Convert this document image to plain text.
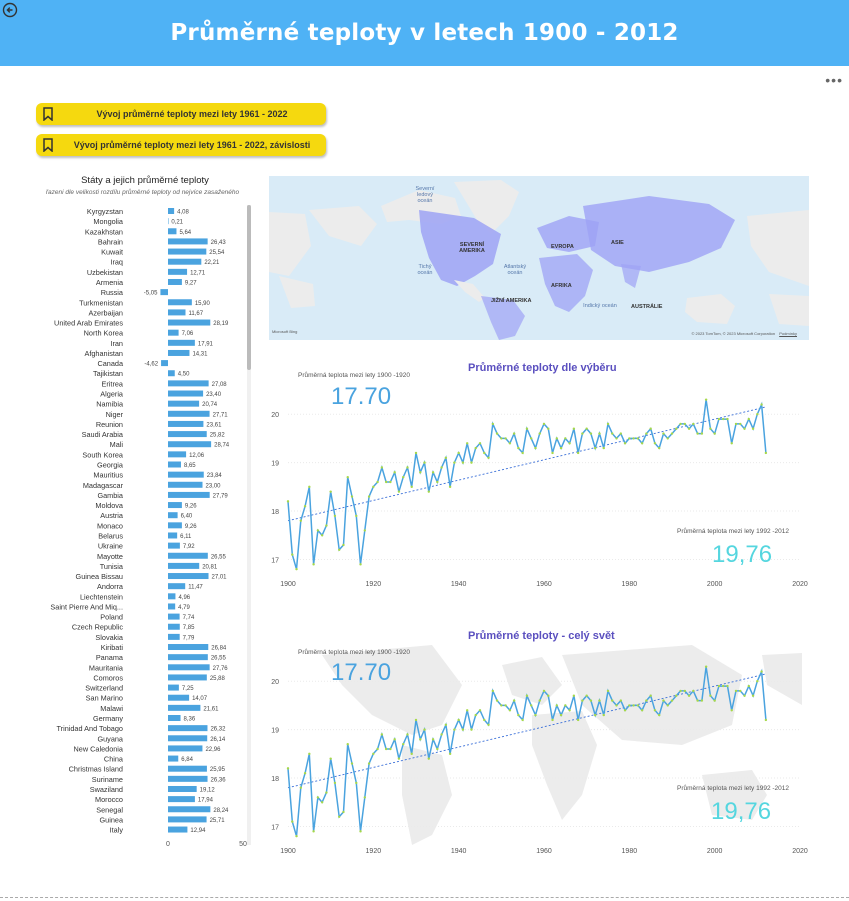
Průměrné teploty v letech 1900 - 2012
•••
Vývoj průměrné teploty mezi lety 1961 - 2022
Vývoj průměrné teploty mezi lety 1961 - 2022, závislosti
Státy a jejich průměrné teploty
řazeni dle velikosti rozdílu průměrné teploty od nejvíce zasaženého
Kyrgyzstan	4,08
Mongolia	0,21
Kazakhstan	5,64
Bahrain	26,43
Kuwait	25,54
Iraq	22,21
Uzbekistan	12,71
Armenia	9,27
Russia	-5,05
Turkmenistan	15,90
Azerbaijan	11,67
United Arab Emirates	28,19
North Korea	7,06
Iran	17,91
Afghanistan	14,31
Canada	-4,62
Tajikistan	4,50
Eritrea	27,08
Algeria	23,40
Namibia	20,74
Niger	27,71
Reunion	23,61
Saudi Arabia	25,82
Mali	28,74
South Korea	12,06
Georgia	8,65
Mauritius	23,84
Madagascar	23,00
Gambia	27,79
Moldova	9,26
Austria	6,40
Monaco	9,26
Belarus	6,11
Ukraine	7,92
Mayotte	26,55
Tunisia	20,81
Guinea Bissau	27,01
Andorra	11,47
Liechtenstein	4,96
Saint Pierre And Miq...	4,79
Poland	7,74
Czech Republic	7,85
Slovakia	7,79
Kiribati	26,84
Panama	26,55
Mauritania	27,76
Comoros	25,88
Switzerland	7,25
San Marino	14,07
Malawi	21,61
Germany	8,36
Trinidad And Tobago	26,32
Guyana	26,14
New Caledonia	22,96
China	6,84
Christmas Island	25,95
Suriname	26,36
Swaziland	19,12
Morocco	17,94
Senegal	28,24
Guinea	25,71
Italy	12,94
0	50
Severní ledový oceán
SEVERNÍ AMERIKA
EVROPA
ASIE
Tichý oceán
Atlantský oceán
AFRIKA
JIŽNÍ AMERIKA
Indický oceán	AUSTRÁLIE
Microsoft Bing	© 2023 TomTom, © 2023 Microsoft Corporation Podmínky
Průměrné teploty dle výběru
17
18
19
20
1900	1920	1940	1960	1980	2000	2020
Průměrná teplota mezi lety 1900 -1920
17.70
Průměrná teplota mezi lety 1992 -2012
19,76
Průměrné teploty - celý svět
17
18
19
20
1900	1920	1940	1960	1980	2000	2020
Průměrná teplota mezi lety 1900 -1920
17.70
Průměrná teplota mezi lety 1992 -2012
19,76
